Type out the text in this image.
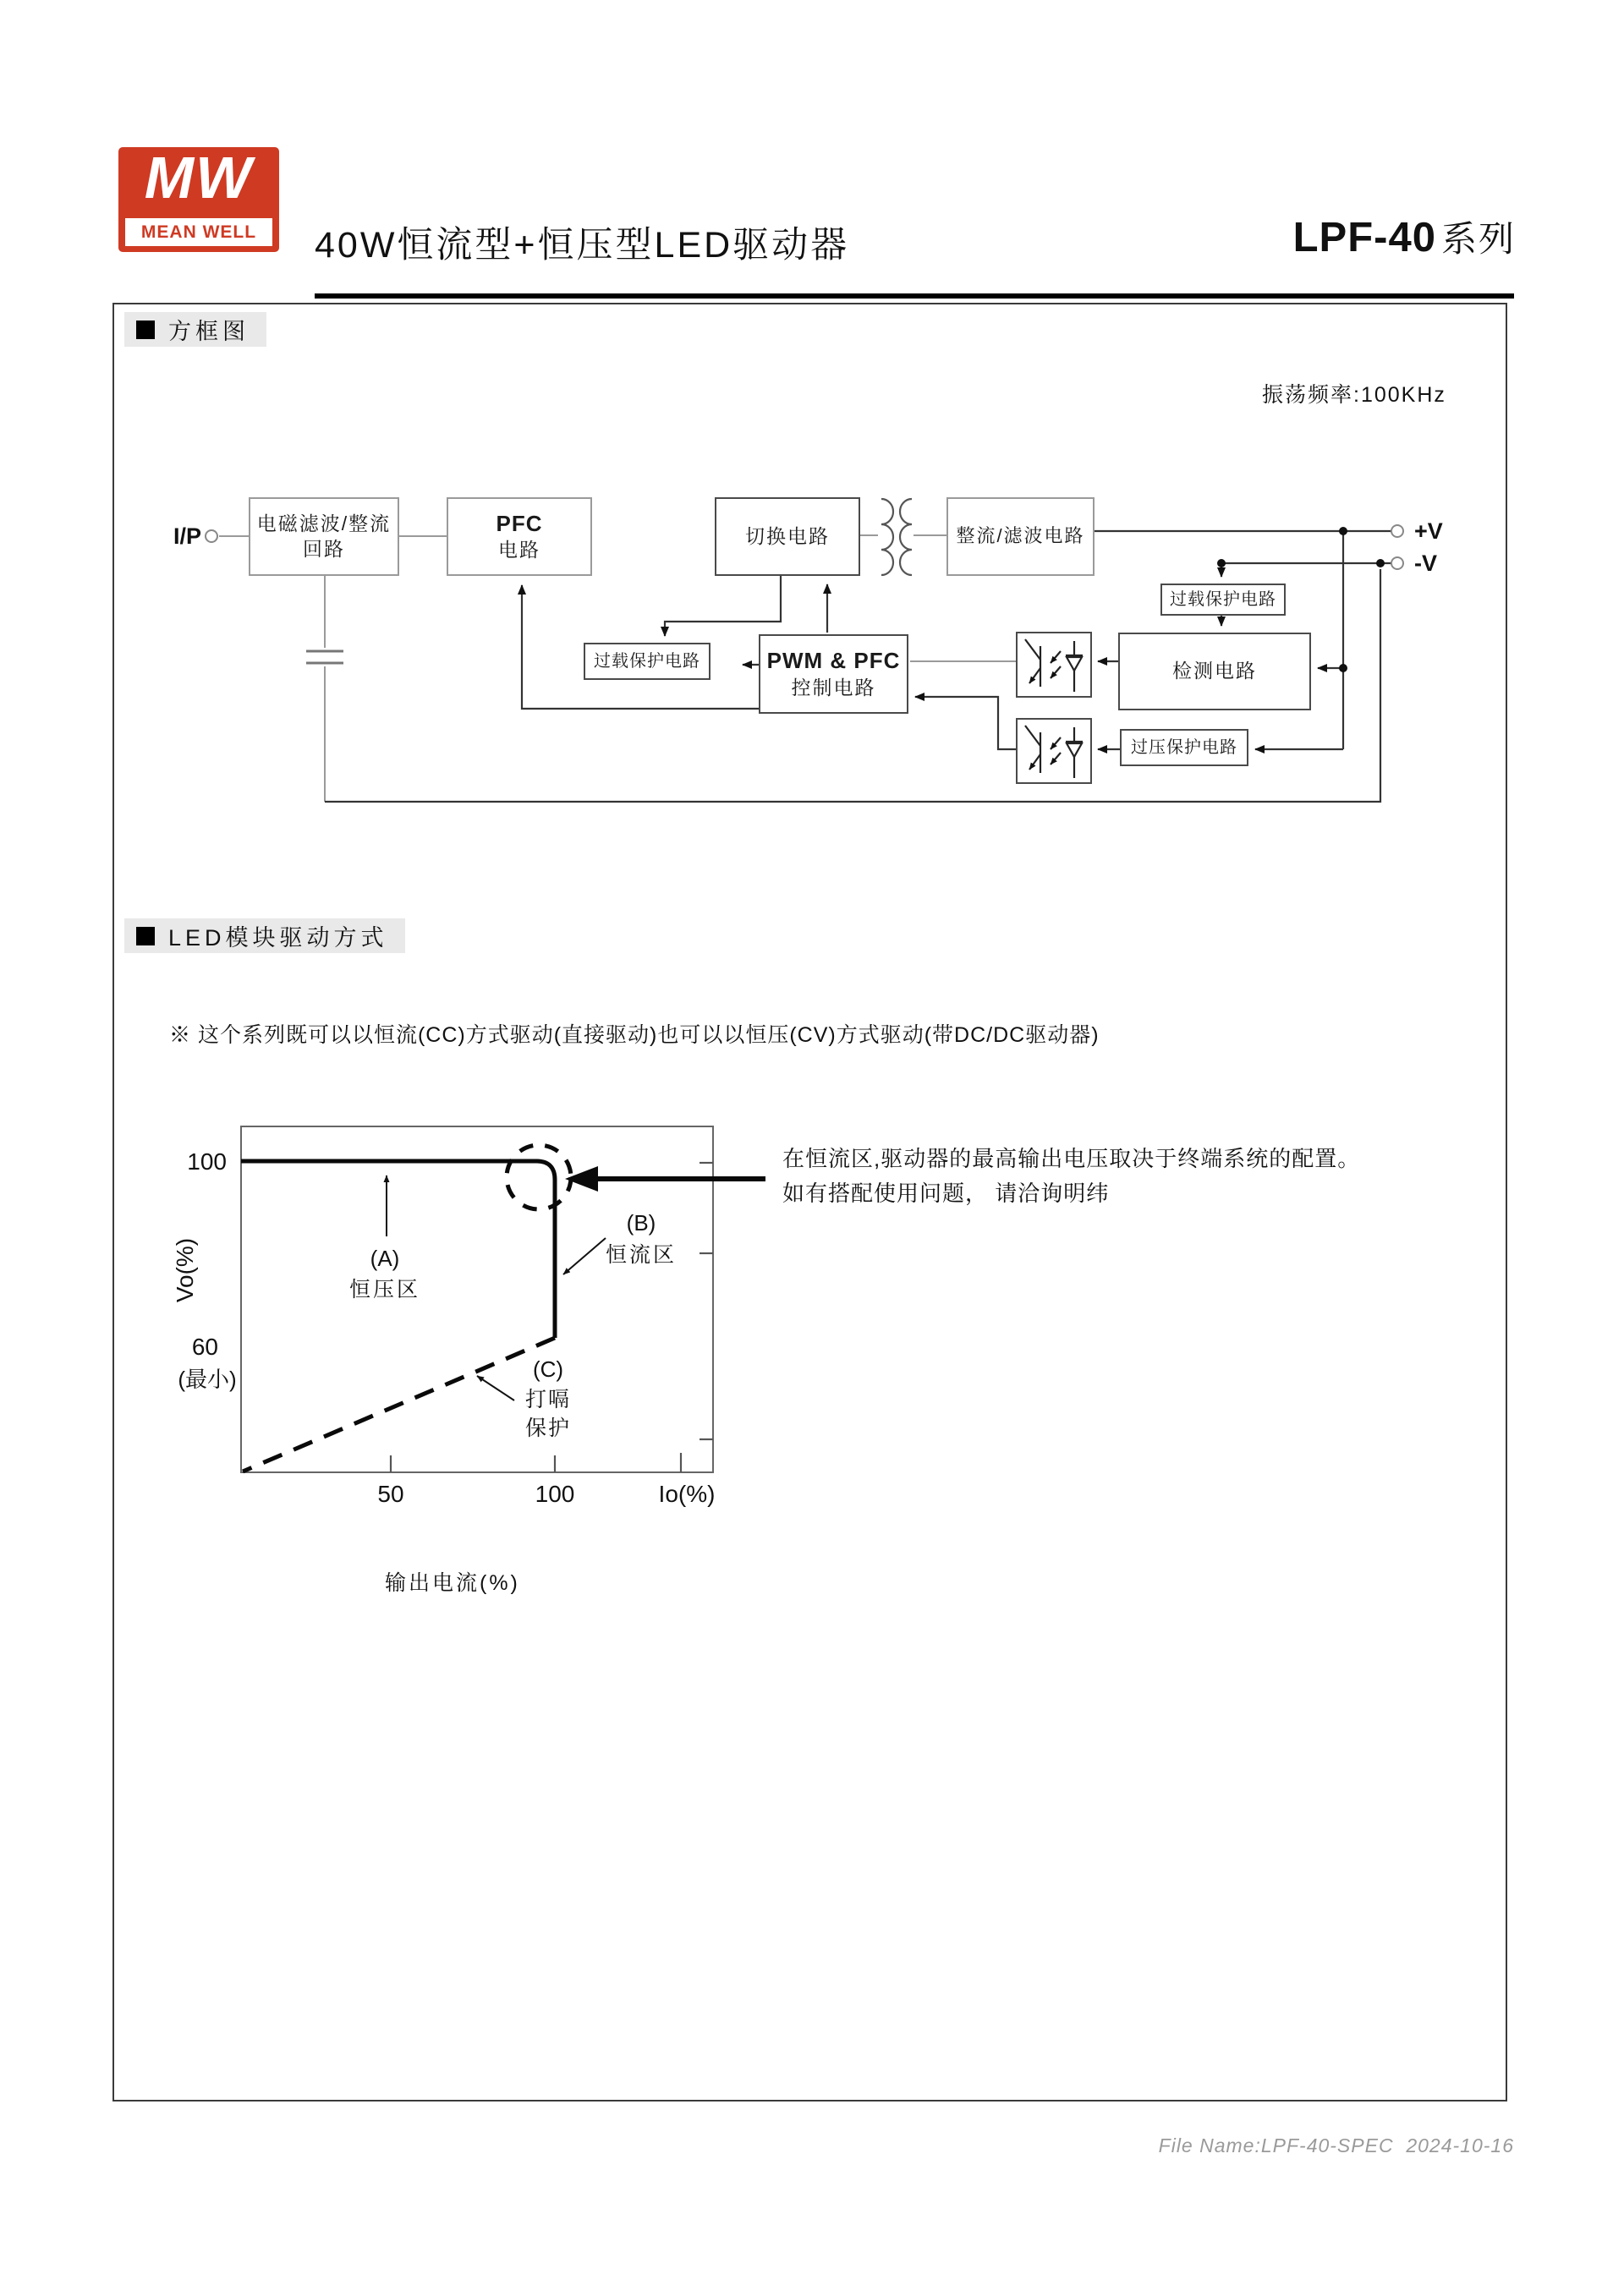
MW
MEAN WELL 40W恒流型+恒压型LED驱动器	LPF-40 系列
方框图
LED模块驱动方式
振荡频率:100KHz
I/P	+V
-V
100
Vo(%)
60
(最小)
50	100	Io(%)
(A)
恒压区
(B)
恒流区
(C)
打嗝
保护
电磁滤波/整流
回路
PFC
电路
切换电路	整流/滤波电路
过载保护电路	PWM & PFC
控制电路
过载保护电路
检测电路
过压保护电路
※ 这个系列既可以以恒流(CC)方式驱动(直接驱动)也可以以恒压(CV)方式驱动(带DC/DC驱动器)
在恒流区,驱动器的最高输出电压取决于终端系统的配置。
如有搭配使用问题， 请洽询明纬
输出电流(%)
File Name:LPF-40-SPEC  2024-10-16
